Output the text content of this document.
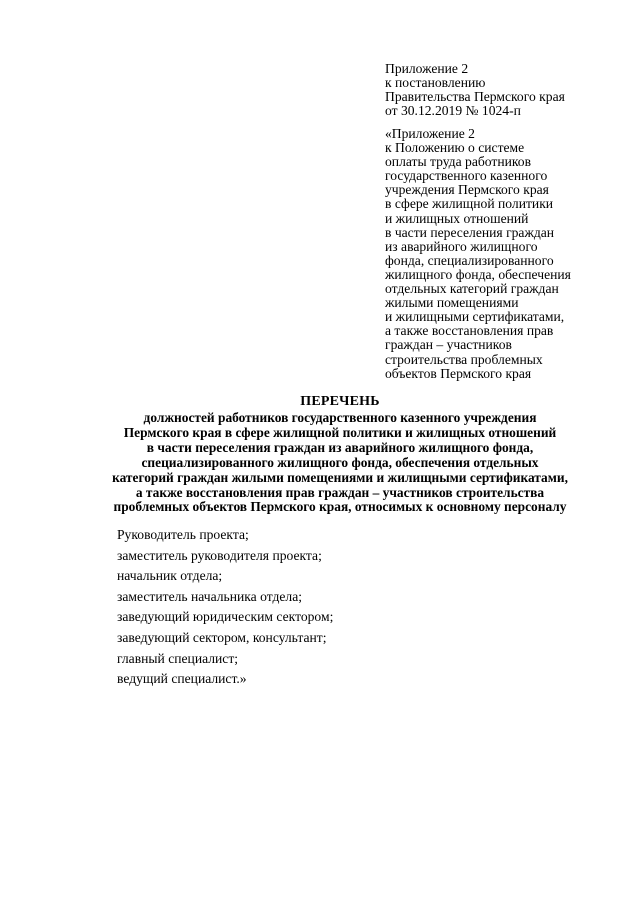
Приложение 2
к постановлению
Правительства Пермского края
от 30.12.2019 № 1024-п
«Приложение 2
к Положению о системе
оплаты труда работников
государственного казенного
учреждения Пермского края
в сфере жилищной политики
и жилищных отношений
в части переселения граждан
из аварийного жилищного
фонда, специализированного
жилищного фонда, обеспечения
отдельных категорий граждан
жилыми помещениями
и жилищными сертификатами,
а также восстановления прав
граждан – участников
строительства проблемных
объектов Пермского края
ПЕРЕЧЕНЬ
должностей работников государственного казенного учреждения
Пермского края в сфере жилищной политики и жилищных отношений
в части переселения граждан из аварийного жилищного фонда,
специализированного жилищного фонда, обеспечения отдельных
категорий граждан жилыми помещениями и жилищными сертификатами,
а также восстановления прав граждан – участников строительства
проблемных объектов Пермского края, относимых к основному персоналу
Руководитель проекта;
заместитель руководителя проекта;
начальник отдела;
заместитель начальника отдела;
заведующий юридическим сектором;
заведующий сектором, консультант;
главный специалист;
ведущий специалист.»
